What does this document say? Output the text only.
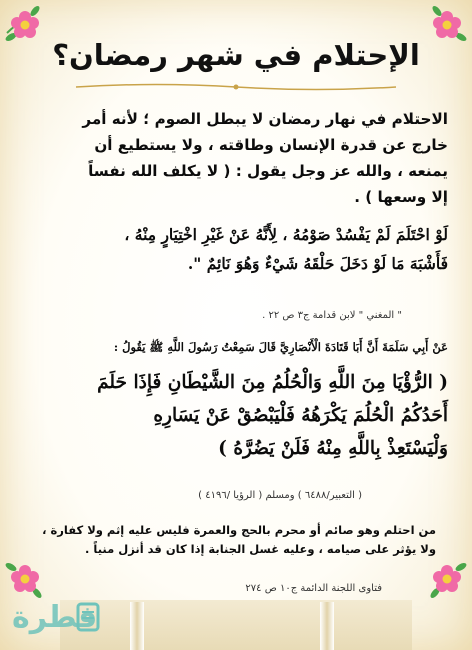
الإحتلام في شهر رمضان؟
الاحتلام في نهار رمضان لا يبطل الصوم ؛ لأنه أمر
خارج عن قدرة الإنسان وطاقته ، ولا يستطيع أن
يمنعه ، والله عز وجل يقول : ( لا يكلف الله نفساً
إلا وسعها ) .
لَوْ احْتَلَمَ لَمْ يَفْسُدْ صَوْمُهُ ، لِأَنَّهُ عَنْ غَيْرِ اخْتِيَارٍ مِنْهُ ،
فَأَشْبَهَ مَا لَوْ دَخَلَ حَلْقَهُ شَيْءٌ وَهُوَ نَائِمٌ ".
" المغني " لابن قدامة ج٣ ص ٢٢ .
عَنْ أَبِي سَلَمَةَ أَنَّ أَبَا قَتَادَةَ الْأَنْصَارِيَّ قَالَ سَمِعْتُ رَسُولَ اللَّهِ ﷺ يَقُولُ :
( الرُّؤْيَا مِنَ اللَّهِ وَالْحُلُمُ مِنَ الشَّيْطَانِ فَإِذَا حَلَمَ
أَحَدُكُمُ الْحُلُمَ يَكْرَهُهُ فَلْيَبْصُقْ عَنْ يَسَارِهِ
وَلْيَسْتَعِذْ بِاللَّهِ مِنْهُ فَلَنْ يَضُرَّهُ )
( التعبير/٦٤٨٨ ) ومسلم ( الرؤيا /٤١٩٦ )
من احتلم وهو صائم أو محرم بالحج والعمرة فليس عليه إثم ولا كفارة ،
ولا يؤثر على صيامه ، وعليه غسل الجنابة إذا كان قد أنزل منياً .
فتاوى اللجنة الدائمة ج١٠ ص ٢٧٤
فطرة
